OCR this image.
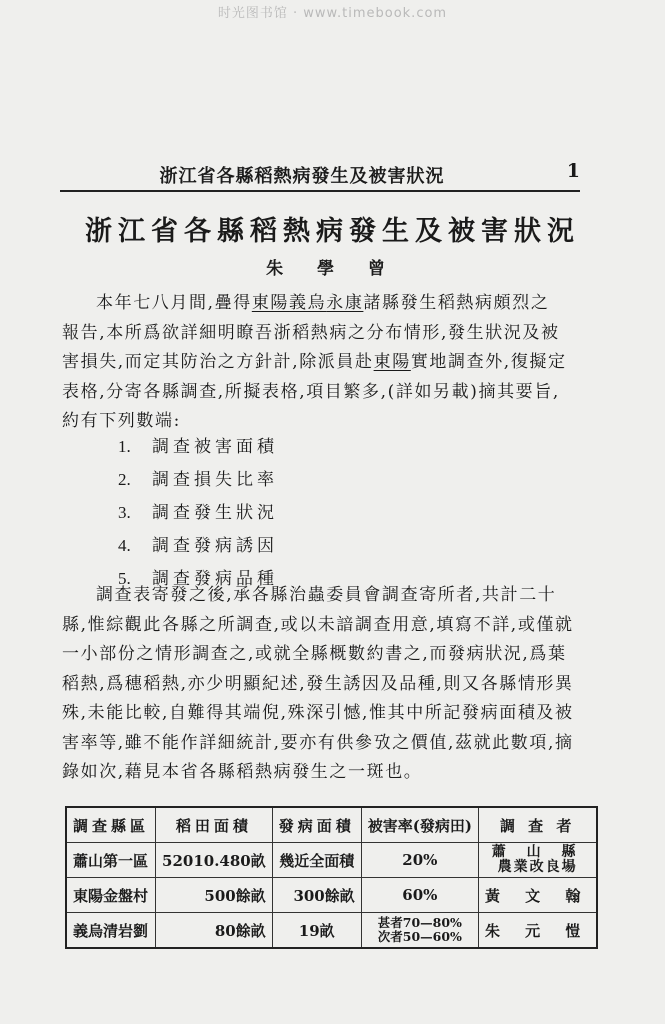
时光图书馆 · www.timebook.com
浙江省各縣稻熱病發生及被害狀況	1
浙江省各縣稻熱病發生及被害狀況
朱 學 曾
本年七八月間,疊得東陽義烏永康諸縣發生稻熱病頗烈之
報告,本所爲欲詳細明瞭吾浙稻熱病之分布情形,發生狀況及被
害損失,而定其防治之方針計,除派員赴東陽實地調查外,復擬定
表格,分寄各縣調查,所擬表格,項目繁多,(詳如另載)摘其要旨,
約有下列數端:
1. 調查被害面積
2. 調查損失比率
3. 調查發生狀況
4. 調查發病誘因
5. 調查發病品種
調查表寄發之後,承各縣治蟲委員會調查寄所者,共計二十
縣,惟綜觀此各縣之所調查,或以未諳調查用意,填寫不詳,或僅就
一小部份之情形調查之,或就全縣概數約書之,而發病狀況,爲葉
稻熱,爲穗稻熱,亦少明顯紀述,發生誘因及品種,則又各縣情形異
殊,未能比較,自難得其端倪,殊深引憾,惟其中所記發病面積及被
害率等,雖不能作詳細統計,要亦有供參攷之價值,茲就此數項,摘
錄如次,藉見本省各縣稻熱病發生之一斑也。
調查縣區	稻田面積	發病面積	被害率(發病田)	調 查 者
蕭山第一區	52010.480畝	幾近全面積	20%	蕭 山 縣
農業改良場

東陽金盤村	500餘畝	300餘畝	60%	黃 文 翰
義烏清岩劉	80餘畝	19畝	甚者70—80%
次者50—60%	朱 元 愷
